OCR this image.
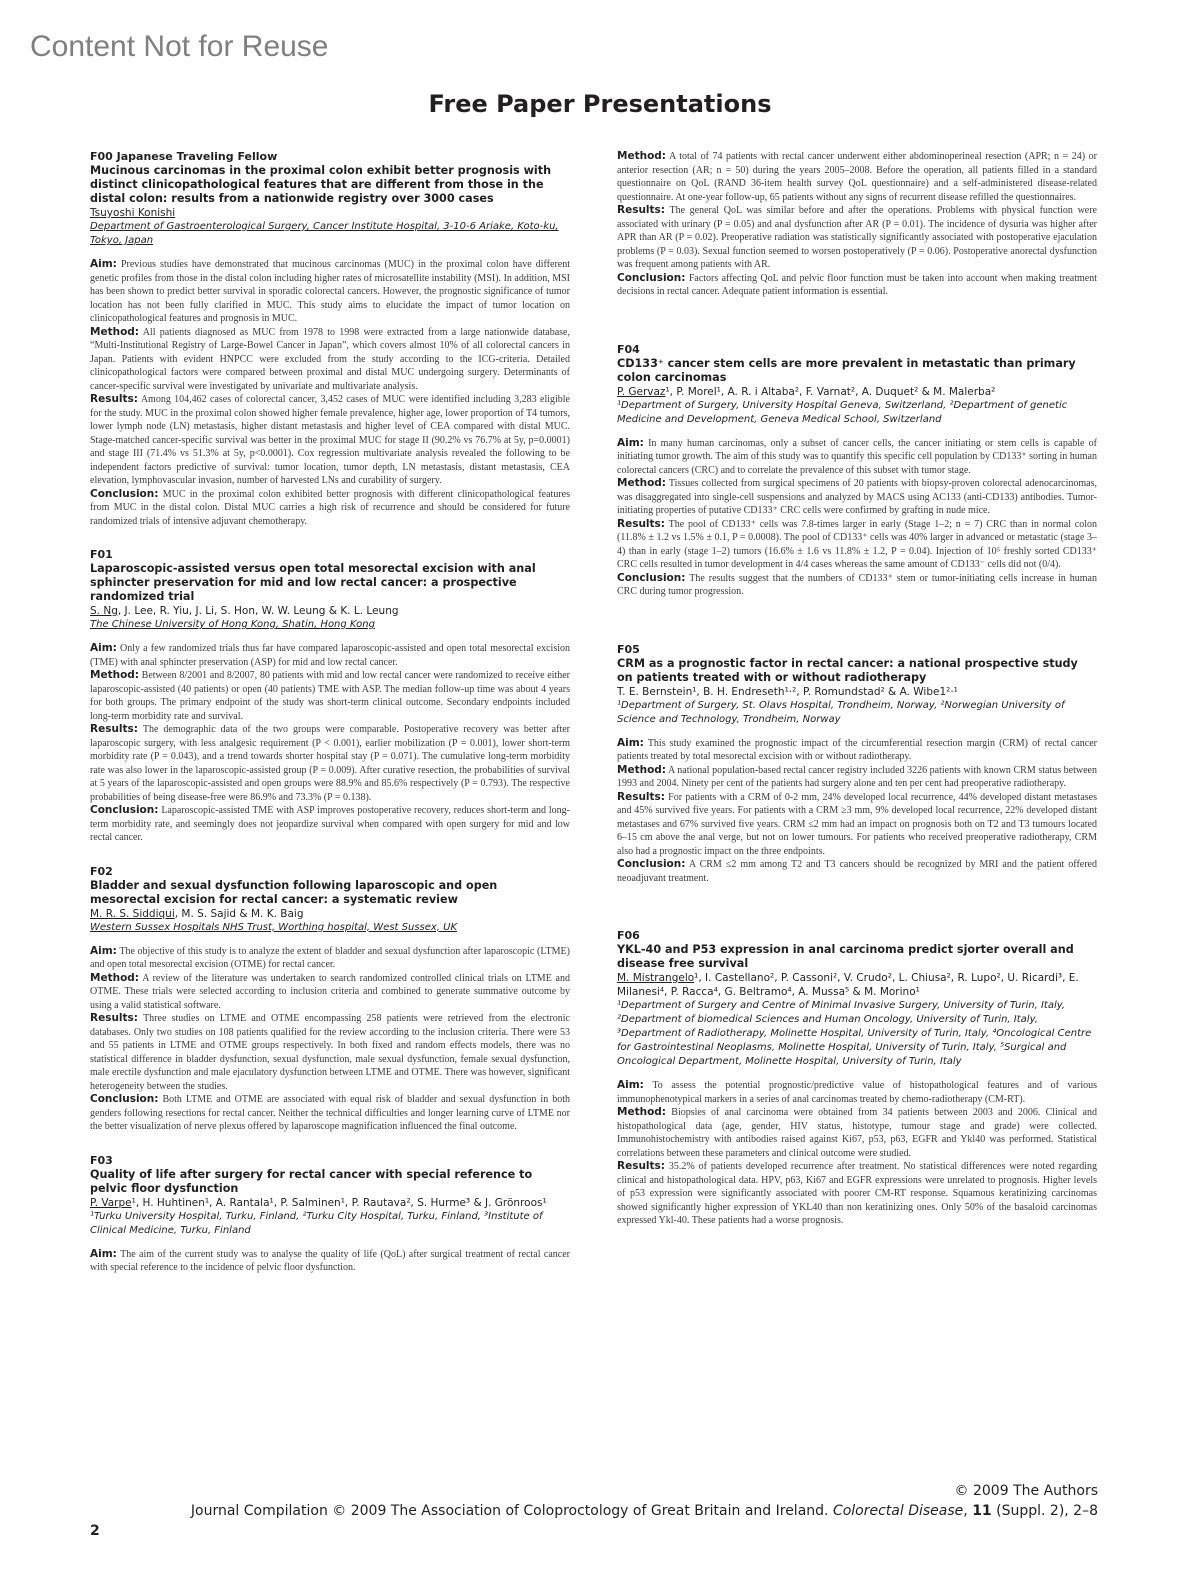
Content Not for Reuse
Free Paper Presentations
F00 Japanese Traveling Fellow
Mucinous carcinomas in the proximal colon exhibit better prognosis with distinct clinicopathological features that are different from those in the distal colon: results from a nationwide registry over 3000 cases
Tsuyoshi Konishi
Department of Gastroenterological Surgery, Cancer Institute Hospital, 3-10-6 Ariake, Koto-ku, Tokyo, Japan

Aim: Previous studies have demonstrated that mucinous carcinomas (MUC) in the proximal colon have different genetic profiles from those in the distal colon including higher rates of microsatellite instability (MSI). In addition, MSI has been shown to predict better survival in sporadic colorectal cancers. However, the prognostic significance of tumor location has not been fully clarified in MUC. This study aims to elucidate the impact of tumor location on clinicopathological features and prognosis in MUC.

Method: All patients diagnosed as MUC from 1978 to 1998 were extracted from a large nationwide database, “Multi-Institutional Registry of Large-Bowel Cancer in Japan”, which covers almost 10% of all colorectal cancers in Japan. Patients with evident HNPCC were excluded from the study according to the ICG-criteria. Detailed clinicopathological factors were compared between proximal and distal MUC undergoing surgery. Determinants of cancer-specific survival were investigated by univariate and multivariate analysis.

Results: Among 104,462 cases of colorectal cancer, 3,452 cases of MUC were identified including 3,283 eligible for the study. MUC in the proximal colon showed higher female prevalence, higher age, lower proportion of T4 tumors, lower lymph node (LN) metastasis, higher distant metastasis and higher level of CEA compared with distal MUC. Stage-matched cancer-specific survival was better in the proximal MUC for stage II (90.2% vs 76.7% at 5y, p=0.0001) and stage III (71.4% vs 51.3% at 5y, p<0.0001). Cox regression multivariate analysis revealed the following to be independent factors predictive of survival: tumor location, tumor depth, LN metastasis, distant metastasis, CEA elevation, lymphovascular invasion, number of harvested LNs and curability of surgery.

Conclusion: MUC in the proximal colon exhibited better prognosis with different clinicopathological features from MUC in the distal colon. Distal MUC carries a high risk of recurrence and should be considered for future randomized trials of intensive adjuvant chemotherapy.

F01
Laparoscopic-assisted versus open total mesorectal excision with anal sphincter preservation for mid and low rectal cancer: a prospective randomized trial
S. Ng, J. Lee, R. Yiu, J. Li, S. Hon, W. W. Leung & K. L. Leung
The Chinese University of Hong Kong, Shatin, Hong Kong

Aim: Only a few randomized trials thus far have compared laparoscopic-assisted and open total mesorectal excision (TME) with anal sphincter preservation (ASP) for mid and low rectal cancer.

Method: Between 8/2001 and 8/2007, 80 patients with mid and low rectal cancer were randomized to receive either laparoscopic-assisted (40 patients) or open (40 patients) TME with ASP. The median follow-up time was about 4 years for both groups. The primary endpoint of the study was short-term clinical outcome. Secondary endpoints included long-term morbidity rate and survival.

Results: The demographic data of the two groups were comparable. Postoperative recovery was better after laparoscopic surgery, with less analgesic requirement (P < 0.001), earlier mobilization (P = 0.001), lower short-term morbidity rate (P = 0.043), and a trend towards shorter hospital stay (P = 0.071). The cumulative long-term morbidity rate was also lower in the laparoscopic-assisted group (P = 0.009). After curative resection, the probabilities of survival at 5 years of the laparoscopic-assisted and open groups were 88.9% and 85.6% respectively (P = 0.793). The respective probabilities of being disease-free were 86.9% and 73.3% (P = 0.138).

Conclusion: Laparoscopic-assisted TME with ASP improves postoperative recovery, reduces short-term and long-term morbidity rate, and seemingly does not jeopardize survival when compared with open surgery for mid and low rectal cancer.

F02
Bladder and sexual dysfunction following laparoscopic and open mesorectal excision for rectal cancer: a systematic review
M. R. S. Siddiqui, M. S. Sajid & M. K. Baig
Western Sussex Hospitals NHS Trust, Worthing hospital, West Sussex, UK

Aim: The objective of this study is to analyze the extent of bladder and sexual dysfunction after laparoscopic (LTME) and open total mesorectal excision (OTME) for rectal cancer.

Method: A review of the literature was undertaken to search randomized controlled clinical trials on LTME and OTME. These trials were selected according to inclusion criteria and combined to generate summative outcome by using a valid statistical software.

Results: Three studies on LTME and OTME encompassing 258 patients were retrieved from the electronic databases. Only two studies on 108 patients qualified for the review according to the inclusion criteria. There were 53 and 55 patients in LTME and OTME groups respectively. In both fixed and random effects models, there was no statistical difference in bladder dysfunction, sexual dysfunction, male sexual dysfunction, female sexual dysfunction, male erectile dysfunction and male ejaculatory dysfunction between LTME and OTME. There was however, significant heterogeneity between the studies.

Conclusion: Both LTME and OTME are associated with equal risk of bladder and sexual dysfunction in both genders following resections for rectal cancer. Neither the technical difficulties and longer learning curve of LTME nor the better visualization of nerve plexus offered by laparoscope magnification influenced the final outcome.

F03
Quality of life after surgery for rectal cancer with special reference to pelvic floor dysfunction
P. Varpe¹, H. Huhtinen¹, A. Rantala¹, P. Salminen¹, P. Rautava², S. Hurme³ & J. Grönroos¹
¹Turku University Hospital, Turku, Finland, ²Turku City Hospital, Turku, Finland, ³Institute of Clinical Medicine, Turku, Finland

Aim: The aim of the current study was to analyse the quality of life (QoL) after surgical treatment of rectal cancer with special reference to the incidence of pelvic floor dysfunction.

Method: A total of 74 patients with rectal cancer underwent either abdominoperineal resection (APR; n = 24) or anterior resection (AR; n = 50) during the years 2005–2008. Before the operation, all patients filled in a standard questionnaire on QoL (RAND 36-item health survey QoL questionnaire) and a self-administered disease-related questionnaire. At one-year follow-up, 65 patients without any signs of recurrent disease refilled the questionnaires.

Results: The general QoL was similar before and after the operations. Problems with physical function were associated with urinary (P = 0.05) and anal dysfunction after AR (P = 0.01). The incidence of dysuria was higher after APR than AR (P = 0.02). Preoperative radiation was statistically significantly associated with postoperative ejaculation problems (P = 0.03). Sexual function seemed to worsen postoperatively (P = 0.06). Postoperative anorectal dysfunction was frequent among patients with AR.

Conclusion: Factors affecting QoL and pelvic floor function must be taken into account when making treatment decisions in rectal cancer. Adequate patient information is essential.

F04
CD133⁺ cancer stem cells are more prevalent in metastatic than primary colon carcinomas
P. Gervaz¹, P. Morel¹, A. R. i Altaba², F. Varnat², A. Duquet² & M. Malerba²
¹Department of Surgery, University Hospital Geneva, Switzerland, ²Department of genetic Medicine and Development, Geneva Medical School, Switzerland

Aim: In many human carcinomas, only a subset of cancer cells, the cancer initiating or stem cells is capable of initiating tumor growth. The aim of this study was to quantify this specific cell population by CD133⁺ sorting in human colorectal cancers (CRC) and to correlate the prevalence of this subset with tumor stage.

Method: Tissues collected from surgical specimens of 20 patients with biopsy-proven colorectal adenocarcinomas, was disaggregated into single-cell suspensions and analyzed by MACS using AC133 (anti-CD133) antibodies. Tumor-initiating properties of putative CD133⁺ CRC cells were confirmed by grafting in nude mice.

Results: The pool of CD133⁺ cells was 7.8-times larger in early (Stage 1–2; n = 7) CRC than in normal colon (11.8% ± 1.2 vs 1.5% ± 0.1, P = 0.0008). The pool of CD133⁺ cells was 40% larger in advanced or metastatic (stage 3–4) than in early (stage 1–2) tumors (16.6% ± 1.6 vs 11.8% ± 1.2, P = 0.04). Injection of 10⁵ freshly sorted CD133⁺ CRC cells resulted in tumor development in 4/4 cases whereas the same amount of CD133⁻ cells did not (0/4).

Conclusion: The results suggest that the numbers of CD133⁺ stem or tumor-initiating cells increase in human CRC during tumor progression.

F05
CRM as a prognostic factor in rectal cancer: a national prospective study on patients treated with or without radiotherapy
T. E. Bernstein¹, B. H. Endreseth¹·², P. Romundstad² & A. Wibe1²·¹
¹Department of Surgery, St. Olavs Hospital, Trondheim, Norway, ²Norwegian University of Science and Technology, Trondheim, Norway

Aim: This study examined the prognostic impact of the circumferential resection margin (CRM) of rectal cancer patients treated by total mesorectal excision with or without radiotherapy.

Method: A national population-based rectal cancer registry included 3226 patients with known CRM status between 1993 and 2004. Ninety per cent of the patients had surgery alone and ten per cent had preoperative radiotherapy.

Results: For patients with a CRM of 0-2 mm, 24% developed local recurrence, 44% developed distant metastases and 45% survived five years. For patients with a CRM ≥3 mm, 9% developed local recurrence, 22% developed distant metastases and 67% survived five years. CRM ≤2 mm had an impact on prognosis both on T2 and T3 tumours located 6–15 cm above the anal verge, but not on lower tumours. For patients who received preoperative radiotherapy, CRM also had a prognostic impact on the three endpoints.

Conclusion: A CRM ≤2 mm among T2 and T3 cancers should be recognized by MRI and the patient offered neoadjuvant treatment.

F06
YKL-40 and P53 expression in anal carcinoma predict sjorter overall and disease free survival
M. Mistrangelo¹, I. Castellano², P. Cassoni², V. Crudo², L. Chiusa², R. Lupo², U. Ricardi³, E. Milanesi⁴, P. Racca⁴, G. Beltramo⁴, A. Mussa⁵ & M. Morino¹
¹Department of Surgery and Centre of Minimal Invasive Surgery, University of Turin, Italy, ²Department of biomedical Sciences and Human Oncology, University of Turin, Italy, ³Department of Radiotherapy, Molinette Hospital, University of Turin, Italy, ⁴Oncological Centre for Gastrointestinal Neoplasms, Molinette Hospital, University of Turin, Italy, ⁵Surgical and Oncological Department, Molinette Hospital, University of Turin, Italy

Aim: To assess the potential prognostic/predictive value of histopathological features and of various immunophenotypical markers in a series of anal carcinomas treated by chemo-radiotherapy (CM-RT).

Method: Biopsies of anal carcinoma were obtained from 34 patients between 2003 and 2006. Clinical and histopathological data (age, gender, HIV status, histotype, tumour stage and grade) were collected. Immunohistochemistry with antibodies raised against Ki67, p53, p63, EGFR and Ykl40 was performed. Statistical correlations between these parameters and clinical outcome were studied.

Results: 35.2% of patients developed recurrence after treatment. No statistical differences were noted regarding clinical and histopathological data. HPV, p63, Ki67 and EGFR expressions were unrelated to prognosis. Higher levels of p53 expression were significantly associated with poorer CM-RT response. Squamous keratinizing carcinomas showed significantly higher expression of YKL40 than non keratinizing ones. Only 50% of the basaloid carcinomas expressed Ykl-40. These patients had a worse prognosis.

2
© 2009 The Authors
Journal Compilation © 2009 The Association of Coloproctology of Great Britain and Ireland. Colorectal Disease, 11 (Suppl. 2), 2–8
